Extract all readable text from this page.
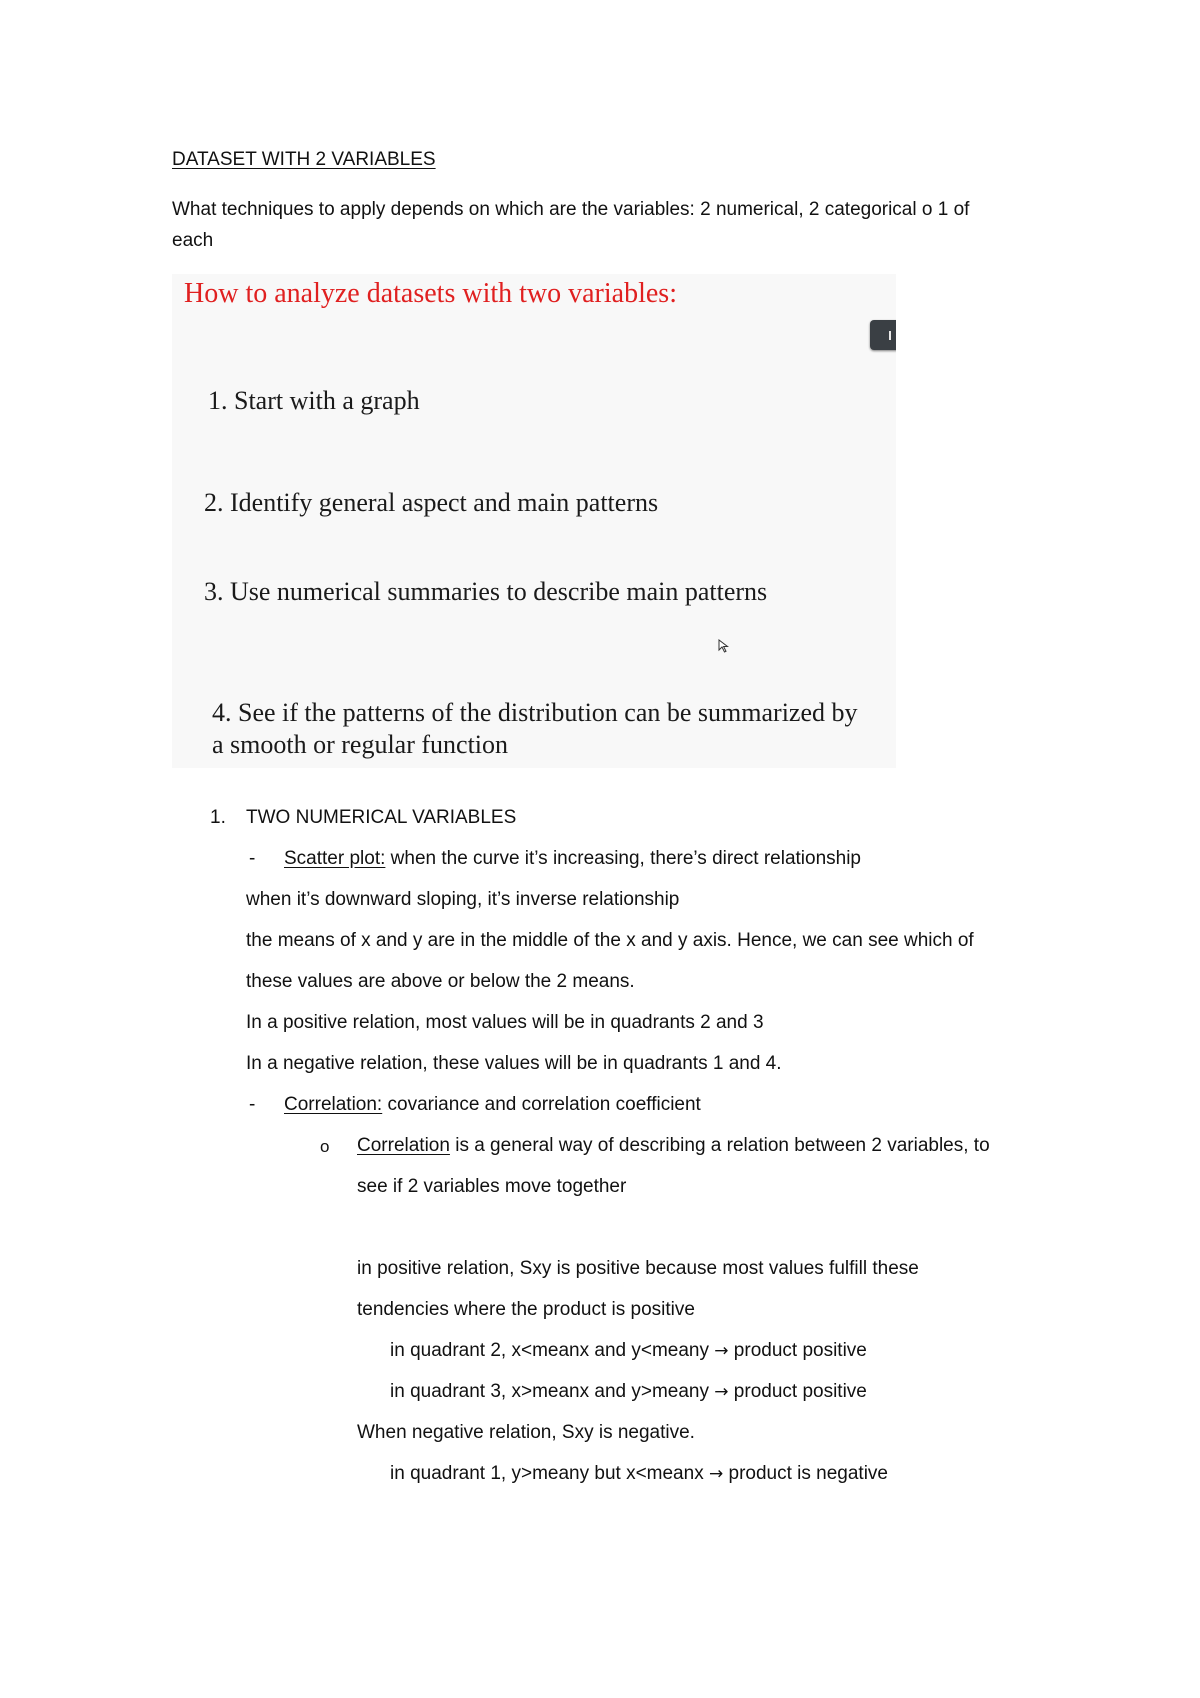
DATASET WITH 2 VARIABLES
What techniques to apply depends on which are the variables: 2 numerical, 2 categorical o 1 of
each
How to analyze datasets with two variables:
1. Start with a graph
2. Identify general aspect and main patterns
3. Use numerical summaries to describe main patterns
4. See if the patterns of the distribution can be summarized by
a smooth or regular function
1. TWO NUMERICAL VARIABLES
- Scatter plot: when the curve it’s increasing, there’s direct relationship
when it’s downward sloping, it’s inverse relationship
the means of x and y are in the middle of the x and y axis. Hence, we can see which of
these values are above or below the 2 means.
In a positive relation, most values will be in quadrants 2 and 3
In a negative relation, these values will be in quadrants 1 and 4.
- Correlation: covariance and correlation coefficient
o Correlation is a general way of describing a relation between 2 variables, to
see if 2 variables move together
in positive relation, Sxy is positive because most values fulfill these
tendencies where the product is positive
in quadrant 2, x<meanx and y<meany → product positive
in quadrant 3, x>meanx and y>meany → product positive
When negative relation, Sxy is negative.
in quadrant 1, y>meany but x<meanx → product is negative
